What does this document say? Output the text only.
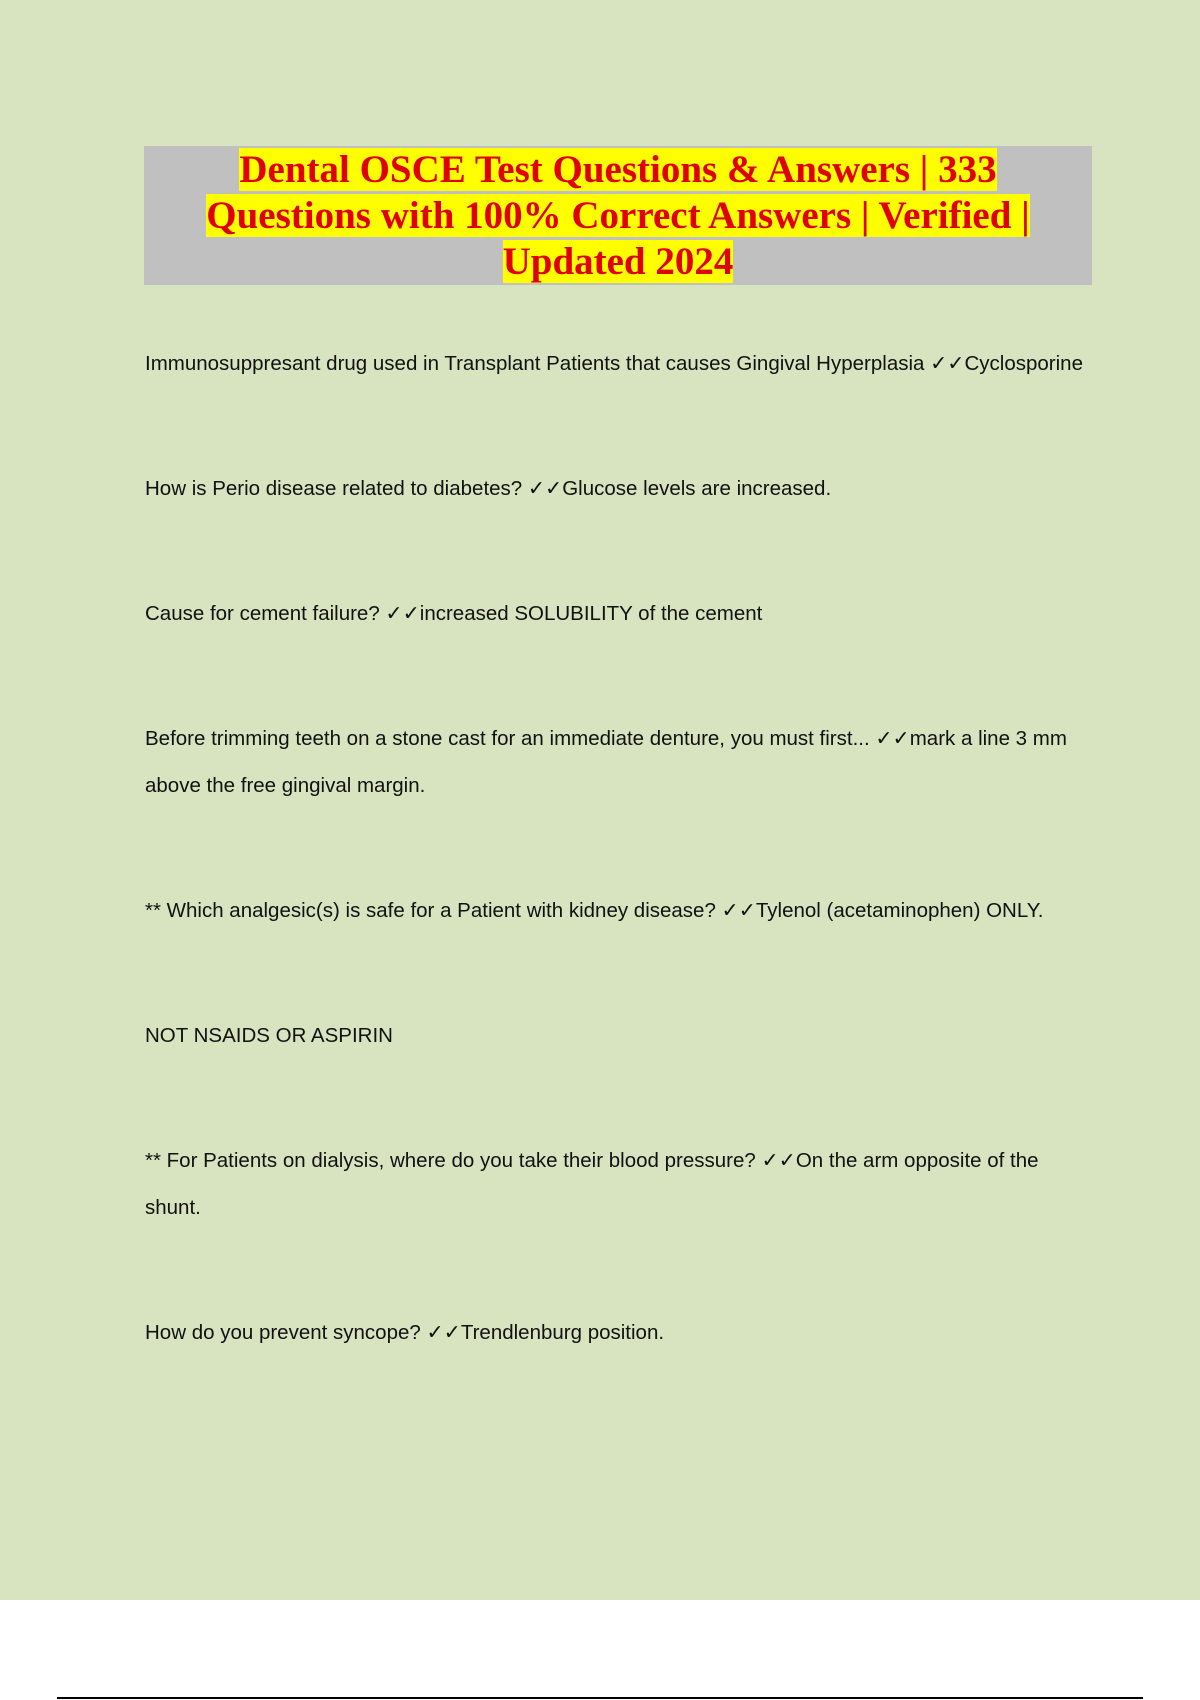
Dental OSCE Test Questions & Answers | 333
Questions with 100% Correct Answers | Verified |
Updated 2024
Immunosuppresant drug used in Transplant Patients that causes Gingival Hyperplasia ✓✓Cyclosporine
How is Perio disease related to diabetes? ✓✓Glucose levels are increased.
Cause for cement failure? ✓✓increased SOLUBILITY of the cement
Before trimming teeth on a stone cast for an immediate denture, you must first... ✓✓mark a line 3 mm above the free gingival margin.
** Which analgesic(s) is safe for a Patient with kidney disease? ✓✓Tylenol (acetaminophen) ONLY.
NOT NSAIDS OR ASPIRIN
** For Patients on dialysis, where do you take their blood pressure? ✓✓On the arm opposite of the shunt.
How do you prevent syncope? ✓✓Trendlenburg position.
